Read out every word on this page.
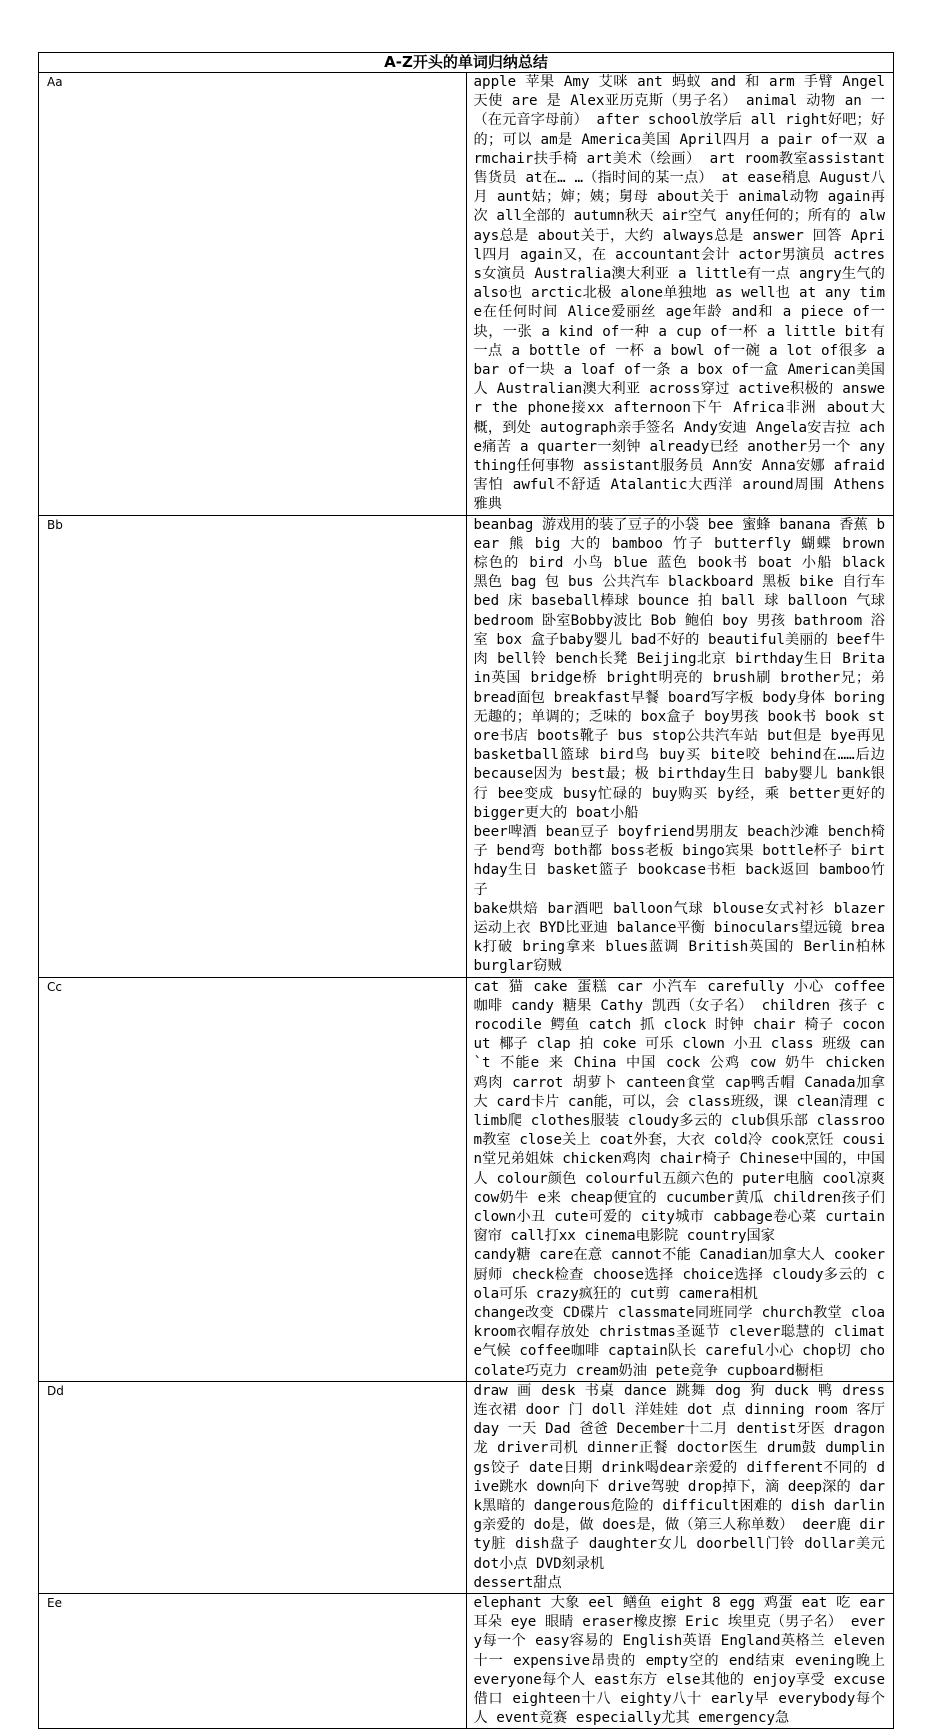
A-Z开头的单词归纳总结	
Aa	apple 苹果 Amy 艾咪 ant 蚂蚁 and 和 arm 手臂 Angel 天使 are 是 Alex亚历克斯（男子名） animal 动物 an 一（在元音字母前） after school放学后 all right好吧；好的；可以 am是 America美国 April四月 a pair of一双 armchair扶手椅 art美术（绘画） art room教室assistant售货员 at在… …（指时间的某一点） at ease稍息 August八月 aunt姑；婶；姨；舅母 about关于 animal动物 again再次 all全部的 autumn秋天 air空气 any任何的；所有的 always总是 about关于，大约 always总是 answer 回答 April四月 again又，在 accountant会计 actor男演员 actress女演员 Australia澳大利亚 a little有一点 angry生气的 also也 arctic北极 alone单独地 as well也 at any time在任何时间 Alice爱丽丝 age年龄 and和 a piece of一块，一张 a kind of一种 a cup of一杯 a little bit有一点 a bottle of 一杯 a bowl of一碗 a lot of很多 a bar of一块 a loaf of一条 a box of一盒 American美国人 Australian澳大利亚 across穿过 active积极的 answer the phone接xx afternoon下午 Africa非洲 about大概，到处 autograph亲手签名 Andy安迪 Angela安吉拉 ache痛苦 a quarter一刻钟 already已经 another另一个 anything任何事物 assistant服务员 Ann安 Anna安娜 afraid害怕 awful不舒适 Atalantic大西洋 around周围 Athens雅典

Bb	beanbag 游戏用的装了豆子的小袋 bee 蜜蜂 banana 香蕉 bear 熊 big 大的 bamboo 竹子 butterfly 蝴蝶 brown 棕色的 bird 小鸟 blue 蓝色 book书 boat 小船 black 黑色 bag 包 bus 公共汽车 blackboard 黑板 bike 自行车 bed 床 baseball棒球 bounce 拍 ball 球 balloon 气球 bedroom 卧室Bobby波比 Bob 鲍伯 boy 男孩 bathroom 浴室 box 盒子baby婴儿 bad不好的 beautiful美丽的 beef牛肉 bell铃 bench长凳 Beijing北京 birthday生日 Britain英国 bridge桥 bright明亮的 brush刷 brother兄；弟 bread面包 breakfast早餐 board写字板 body身体 boring无趣的；单调的；乏味的 box盒子 boy男孩 book书 book store书店 boots靴子 bus stop公共汽车站 but但是 bye再见 basketball篮球 bird鸟 buy买 bite咬 behind在……后边 because因为 best最；极 birthday生日 baby婴儿 bank银行 bee变成 busy忙碌的 buy购买 by经，乘 better更好的 bigger更大的 boat小船
beer啤酒 bean豆子 boyfriend男朋友 beach沙滩 bench椅子 bend弯 both都 boss老板 bingo宾果 bottle杯子 birthday生日 basket篮子 bookcase书柜 back返回 bamboo竹子
bake烘焙 bar酒吧 balloon气球 blouse女式衬衫 blazer运动上衣 BYD比亚迪 balance平衡 binoculars望远镜 break打破 bring拿来 blues蓝调 British英国的 Berlin柏林 burglar窃贼

Cc	cat 猫 cake 蛋糕 car 小汽车 carefully 小心 coffee 咖啡 candy 糖果 Cathy 凯西（女子名） children 孩子 crocodile 鳄鱼 catch 抓 clock 时钟 chair 椅子 coconut 椰子 clap 拍 coke 可乐 clown 小丑 class 班级 can`t 不能e 来 China 中国 cock 公鸡 cow 奶牛 chicken 鸡肉 carrot 胡萝卜 canteen食堂 cap鸭舌帽 Canada加拿大 card卡片 can能，可以，会 class班级，课 clean清理 climb爬 clothes服装 cloudy多云的 club俱乐部 classroom教室 close关上 coat外套，大衣 cold冷 cook烹饪 cousin堂兄弟姐妹 chicken鸡肉 chair椅子 Chinese中国的，中国人 colour颜色 colourful五颜六色的 puter电脑 cool凉爽 cow奶牛 e来 cheap便宜的 cucumber黄瓜 children孩子们 clown小丑 cute可爱的 city城市 cabbage卷心菜 curtain窗帘 call打xx cinema电影院 country国家
candy糖 care在意 cannot不能 Canadian加拿大人 cooker厨师 check检查 choose选择 choice选择 cloudy多云的 cola可乐 crazy疯狂的 cut剪 camera相机
change改变 CD碟片 classmate同班同学 church教堂 cloakroom衣帽存放处 christmas圣诞节 clever聪慧的 climate气候 coffee咖啡 captain队长 careful小心 chop切 chocolate巧克力 cream奶油 pete竞争 cupboard橱柜

Dd	draw 画 desk 书桌 dance 跳舞 dog 狗 duck 鸭 dress 连衣裙 door 门 doll 洋娃娃 dot 点 dinning room 客厅 day 一天 Dad 爸爸 December十二月 dentist牙医 dragon龙 driver司机 dinner正餐 doctor医生 drum鼓 dumplings饺子 date日期 drink喝dear亲爱的 different不同的 dive跳水 down向下 drive驾驶 drop掉下，滴 deep深的 dark黑暗的 dangerous危险的 difficult困难的 dish darling亲爱的 do是，做 does是，做（第三人称单数） deer鹿 dirty脏 dish盘子 daughter女儿 doorbell门铃 dollar美元 dot小点 DVD刻录机
dessert甜点

Ee	elephant 大象 eel 鳝鱼 eight 8 egg 鸡蛋 eat 吃 ear 耳朵 eye 眼睛 eraser橡皮擦 Eric 埃里克（男子名） every每一个 easy容易的 English英语 England英格兰 eleven十一 expensive昂贵的 empty空的 end结束 evening晚上 everyone每个人 east东方 else其他的 enjoy享受 excuse借口 eighteen十八 eighty八十 early早 everybody每个人 event竞赛 especially尤其 emergency急
